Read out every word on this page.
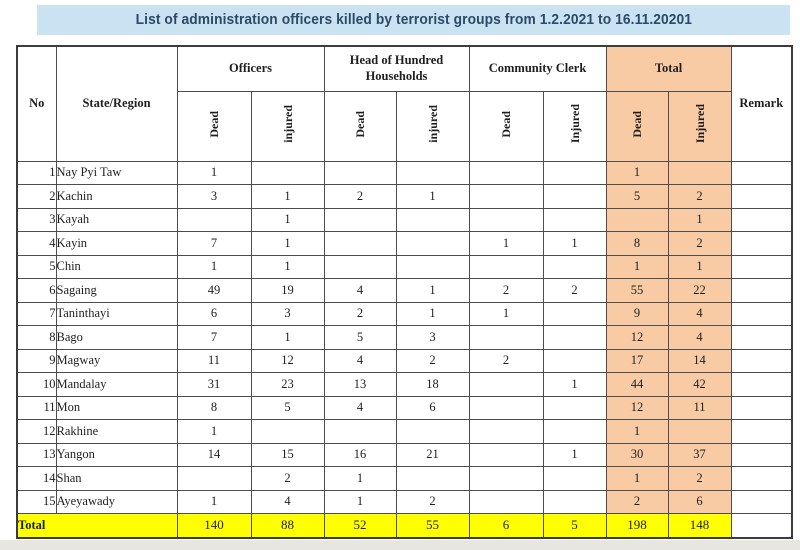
List of administration officers killed by terrorist groups from 1.2.2021 to 16.11.20201
No	State/Region	Officers		Head of Hundred Households		Community Clerk		Total		Remark
		Dead	injured	Dead	injured	Dead	Injured	Dead	Injured	
1	Nay Pyi Taw	1						1		
2	Kachin	3	1	2	1			5	2	
3	Kayah		1						1	
4	Kayin	7	1			1	1	8	2	
5	Chin	1	1					1	1	
6	Sagaing	49	19	4	1	2	2	55	22	
7	Taninthayi	6	3	2	1	1		9	4	
8	Bago	7	1	5	3			12	4	
9	Magway	11	12	4	2	2		17	14	
10	Mandalay	31	23	13	18		1	44	42	
11	Mon	8	5	4	6			12	11	
12	Rakhine	1						1		
13	Yangon	14	15	16	21		1	30	37	
14	Shan		2	1				1	2	
15	Ayeyawady	1	4	1	2			2	6	
Total		140	88	52	55	6	5	198	148	
